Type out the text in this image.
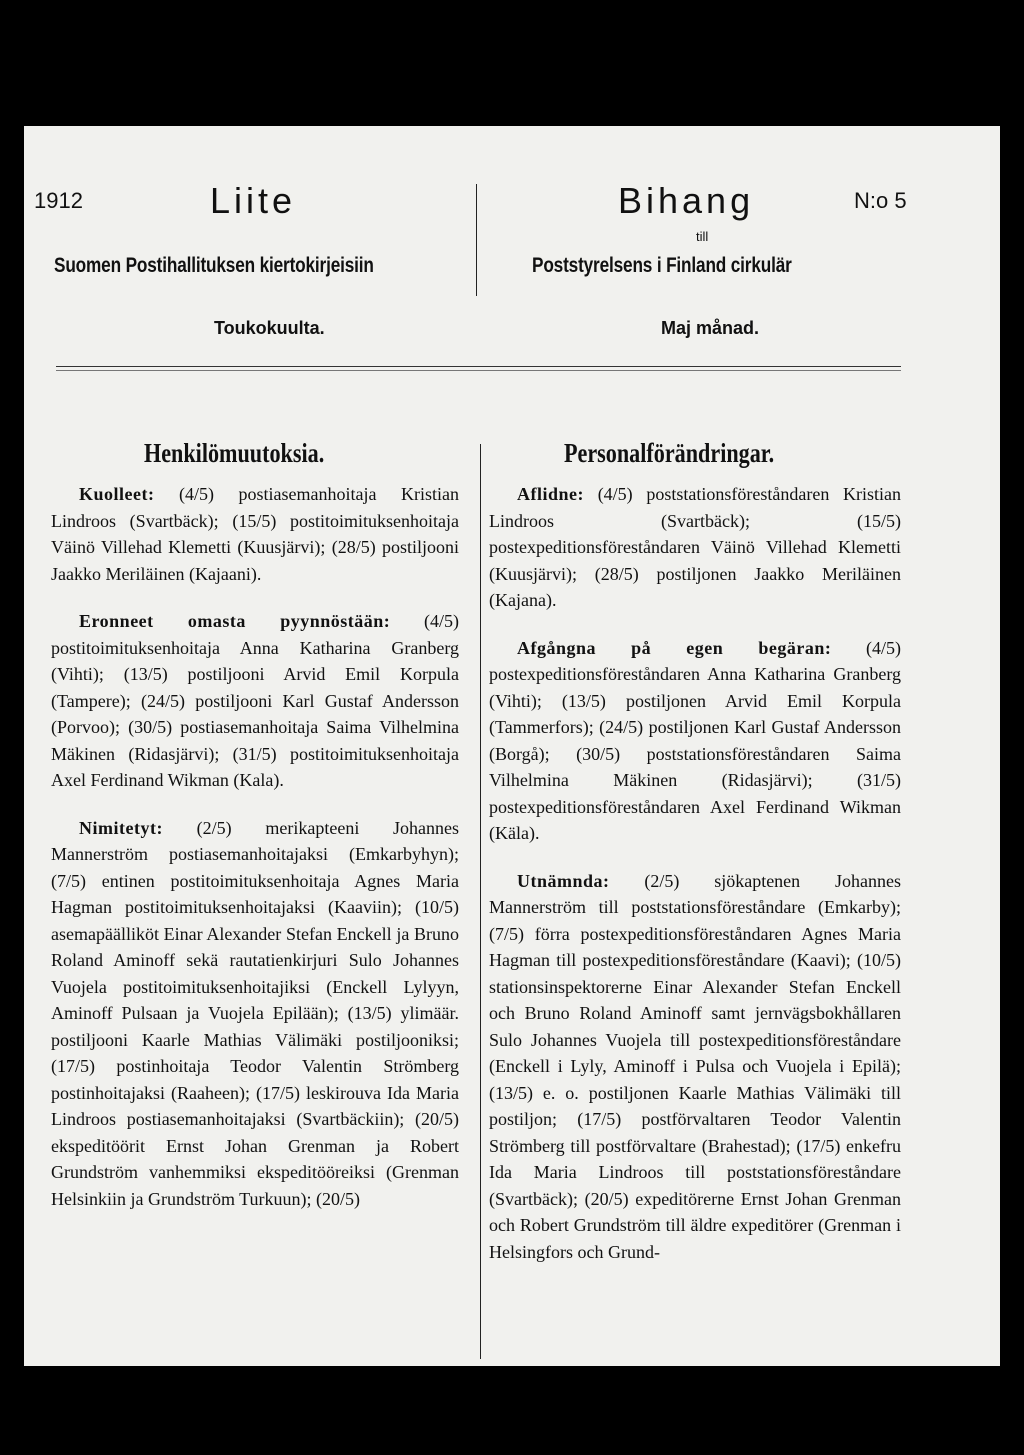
1912	Liite	Bihang	N:o 5
till
Suomen Postihallituksen kiertokirjeisiin	Poststyrelsens i Finland cirkulär
Toukokuulta.	Maj månad.
Henkilömuutoksia.	Personalförändringar.

Kuolleet: (4/5) postiasemanhoitaja Kristian Lindroos (Svartbäck); (15/5) postitoimituksenhoitaja Väinö Villehad Klemetti (Kuusjärvi); (28/5) postiljooni Jaakko Meriläinen (Kajaani).

Eronneet omasta pyynnöstään: (4/5) postitoimituksenhoitaja Anna Katharina Granberg (Vihti); (13/5) postiljooni Arvid Emil Korpula (Tampere); (24/5) postiljooni Karl Gustaf Andersson (Porvoo); (30/5) postiasemanhoitaja Saima Vilhelmina Mäkinen (Ridasjärvi); (31/5) postitoimituksenhoitaja Axel Ferdinand Wikman (Kala).

Nimitetyt: (2/5) merikapteeni Johannes Mannerström postiasemanhoitajaksi (Emkarbyhyn); (7/5) entinen postitoimituksenhoitaja Agnes Maria Hagman postitoimituksenhoitajaksi (Kaaviin); (10/5) asemapäälliköt Einar Alexander Stefan Enckell ja Bruno Roland Aminoff sekä rautatienkirjuri Sulo Johannes Vuojela postitoimituksenhoitajiksi (Enckell Lylyyn, Aminoff Pulsaan ja Vuojela Epilään); (13/5) ylimäär. postiljooni Kaarle Mathias Välimäki postiljooniksi; (17/5) postinhoitaja Teodor Valentin Strömberg postinhoitajaksi (Raaheen); (17/5) leskirouva Ida Maria Lindroos postiasemanhoitajaksi (Svartbäckiin); (20/5) ekspeditöörit Ernst Johan Grenman ja Robert Grundström vanhemmiksi ekspeditööreiksi (Grenman Helsinkiin ja Grundström Turkuun); (20/5)

Aflidne: (4/5) poststationsföreståndaren Kristian Lindroos (Svartbäck); (15/5) postexpeditionsföreståndaren Väinö Villehad Klemetti (Kuusjärvi); (28/5) postiljonen Jaakko Meriläinen (Kajana).

Afgångna på egen begäran: (4/5) postexpeditionsföreståndaren Anna Katharina Granberg (Vihti); (13/5) postiljonen Arvid Emil Korpula (Tammerfors); (24/5) postiljonen Karl Gustaf Andersson (Borgå); (30/5) poststationsföreståndaren Saima Vilhelmina Mäkinen (Ridasjärvi); (31/5) postexpeditionsföreståndaren Axel Ferdinand Wikman (Käla).

Utnämnda: (2/5) sjökaptenen Johannes Mannerström till poststationsföreståndare (Emkarby); (7/5) förra postexpeditionsföreståndaren Agnes Maria Hagman till postexpeditionsföreståndare (Kaavi); (10/5) stationsinspektorerne Einar Alexander Stefan Enckell och Bruno Roland Aminoff samt jernvägsbokhållaren Sulo Johannes Vuojela till postexpeditionsföreståndare (Enckell i Lyly, Aminoff i Pulsa och Vuojela i Epilä); (13/5) e. o. postiljonen Kaarle Mathias Välimäki till postiljon; (17/5) postförvaltaren Teodor Valentin Strömberg till postförvaltare (Brahestad); (17/5) enkefru Ida Maria Lindroos till poststationsföreståndare (Svartbäck); (20/5) expeditörerne Ernst Johan Grenman och Robert Grundström till äldre expeditörer (Grenman i Helsingfors och Grund-
